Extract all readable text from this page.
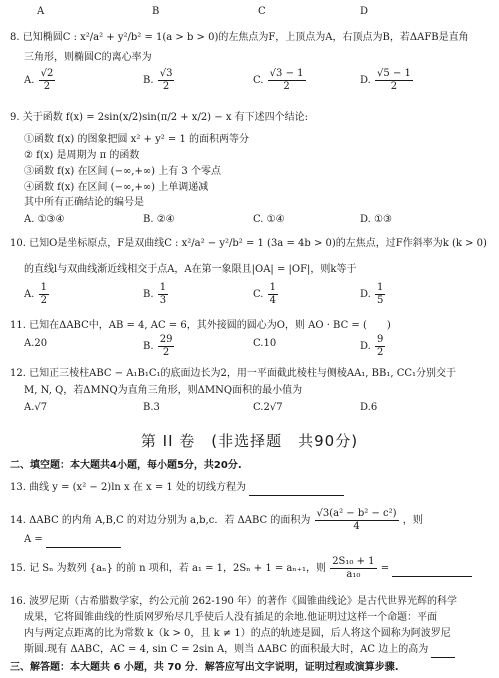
A	B	C	D
8. 已知椭圆C : x²/a² + y²/b² = 1(a > b > 0)的左焦点为F，上顶点为A，右顶点为B，若ΔAFB是直角
三角形，则椭圆C的离心率为
A. $\frac{√2}{2}$	B. $\frac{√3}{2}$	C. $\frac{√3 - 1}{2}$	D. $\frac{√5 - 1}{2}$
9. 关于函数 f(x) = 2sin(x/2)sin(π/2 + x/2) − x 有下述四个结论:
①函数 f(x) 的图象把圆 x² + y² = 1 的面积两等分
② f(x) 是周期为 π 的函数
③函数 f(x) 在区间 (−∞,+∞) 上有 3 个零点
④函数 f(x) 在区间 (−∞,+∞) 上单调递减
其中所有正确结论的编号是
A. ①③④	B. ②④	C. ①④	D. ①③
10. 已知O是坐标原点，F是双曲线C : x²/a² − y²/b² = 1 (3a = 4b > 0)的左焦点，过F作斜率为k (k > 0)
的直线l与双曲线渐近线相交于点A，A在第一象限且|OA| = |OF|，则k等于
A. $\frac{1}{2}$	B. $\frac{1}{3}$	C. $\frac{1}{4}$	D. $\frac{1}{5}$
11. 已知在ΔABC中，AB = 4, AC = 6，其外接圆的圆心为O，则 AO · BC = (　　)
A.20	B. $\frac{29}{2}$	C.10	D. $\frac{9}{2}$
12. 已知正三棱柱ABC − A₁B₁C₁的底面边长为2，用一平面截此棱柱与侧棱AA₁, BB₁, CC₁分别交于
M, N, Q，若ΔMNQ为直角三角形，则ΔMNQ面积的最小值为
A.√7	B.3	C.2√7	D.6
第 II 卷　(非选择题　共90分)
二、填空题：本大题共4小题，每小题5分，共20分.
13. 曲线 y = (x² − 2)ln x 在 x = 1 处的切线方程为
14. ΔABC 的内角 A,B,C 的对边分别为 a,b,c．若 ΔABC 的面积为 $\frac{\text{√3(a² − b² − c²)}}{4}$ ，则
A =
15. 记 Sₙ 为数列 {aₙ} 的前 n 项和，若 a₁ = 1，2Sₙ + 1 = aₙ₊₁，则 $\frac{\text{2S₁₀ + 1}}{\text{a₁₀}}$ =
16. 波罗尼斯（古希腊数学家，约公元前 262-190 年）的著作《圆锥曲线论》是古代世界光辉的科学
成果，它将圆锥曲线的性质网罗殆尽几乎使后人没有插足的余地.他证明过这样一个命题：平面
内与两定点距离的比为常数 k（k > 0，且 k ≠ 1）的点的轨迹是圆，后人将这个圆称为阿波罗尼
斯圆.现有 ΔABC，AC = 4, sin C = 2sin A，则当 ΔABC 的面积最大时，AC 边上的高为
三、解答题：本大题共 6 小题，共 70 分．解答应写出文字说明，证明过程或演算步骤.
